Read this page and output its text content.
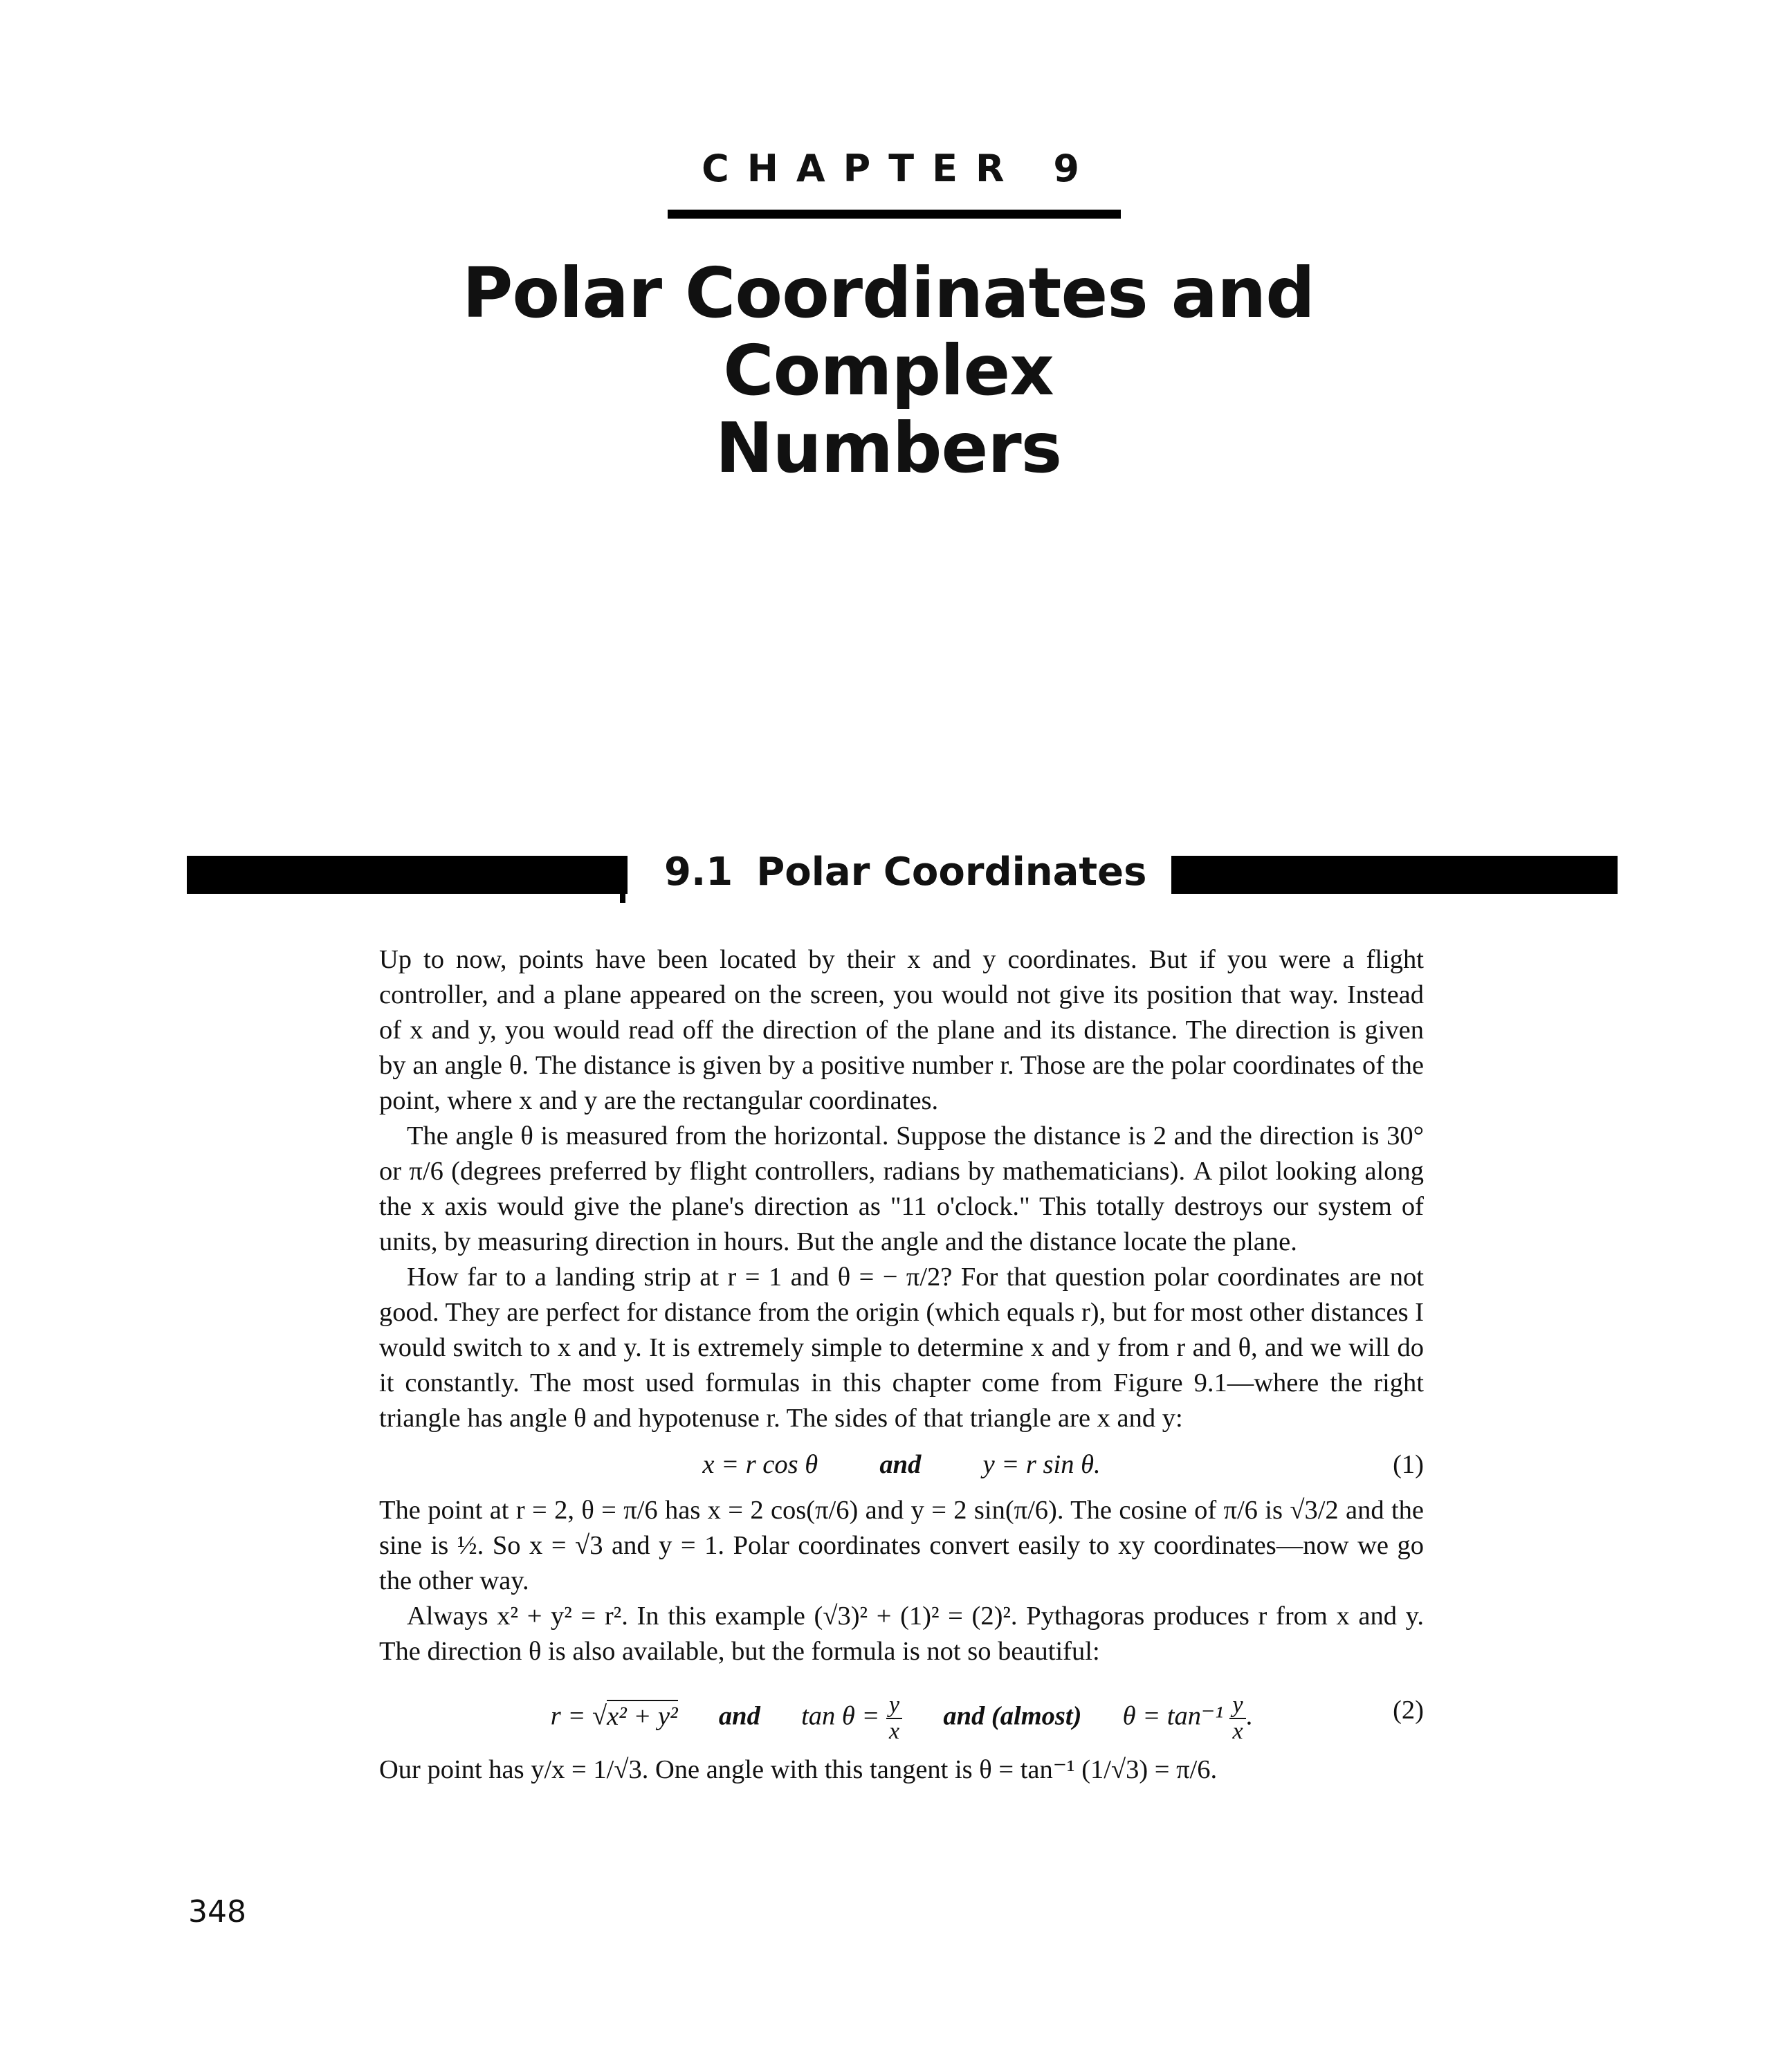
CHAPTER 9
Polar Coordinates and Complex
Numbers
9.1 Polar Coordinates
348

Up to now, points have been located by their x and y coordinates. But if you were a flight controller, and a plane appeared on the screen, you would not give its position that way. Instead of x and y, you would read off the direction of the plane and its distance. The direction is given by an angle θ. The distance is given by a positive number r. Those are the polar coordinates of the point, where x and y are the rectangular coordinates.

The angle θ is measured from the horizontal. Suppose the distance is 2 and the direction is 30° or π/6 (degrees preferred by flight controllers, radians by mathematicians). A pilot looking along the x axis would give the plane's direction as "11 o'clock." This totally destroys our system of units, by measuring direction in hours. But the angle and the distance locate the plane.

How far to a landing strip at r = 1 and θ = − π/2? For that question polar coordinates are not good. They are perfect for distance from the origin (which equals r), but for most other distances I would switch to x and y. It is extremely simple to determine x and y from r and θ, and we will do it constantly. The most used formulas in this chapter come from Figure 9.1—where the right triangle has angle θ and hypotenuse r. The sides of that triangle are x and y:

x = r cos θ and y = r sin θ.	(1)

The point at r = 2, θ = π/6 has x = 2 cos(π/6) and y = 2 sin(π/6). The cosine of π/6 is √3/2 and the sine is ½. So x = √3 and y = 1. Polar coordinates convert easily to xy coordinates—now we go the other way.

Always x² + y² = r². In this example (√3)² + (1)² = (2)². Pythagoras produces r from x and y. The direction θ is also available, but the formula is not so beautiful:

r = √x² + y² and $\tan \theta = \frac{y}{x}$ and (almost) $\theta = \tan^{-1} \frac{y}{x}$ .	(2)

Our point has y/x = 1/√3. One angle with this tangent is θ = tan⁻¹ (1/√3) = π/6.
